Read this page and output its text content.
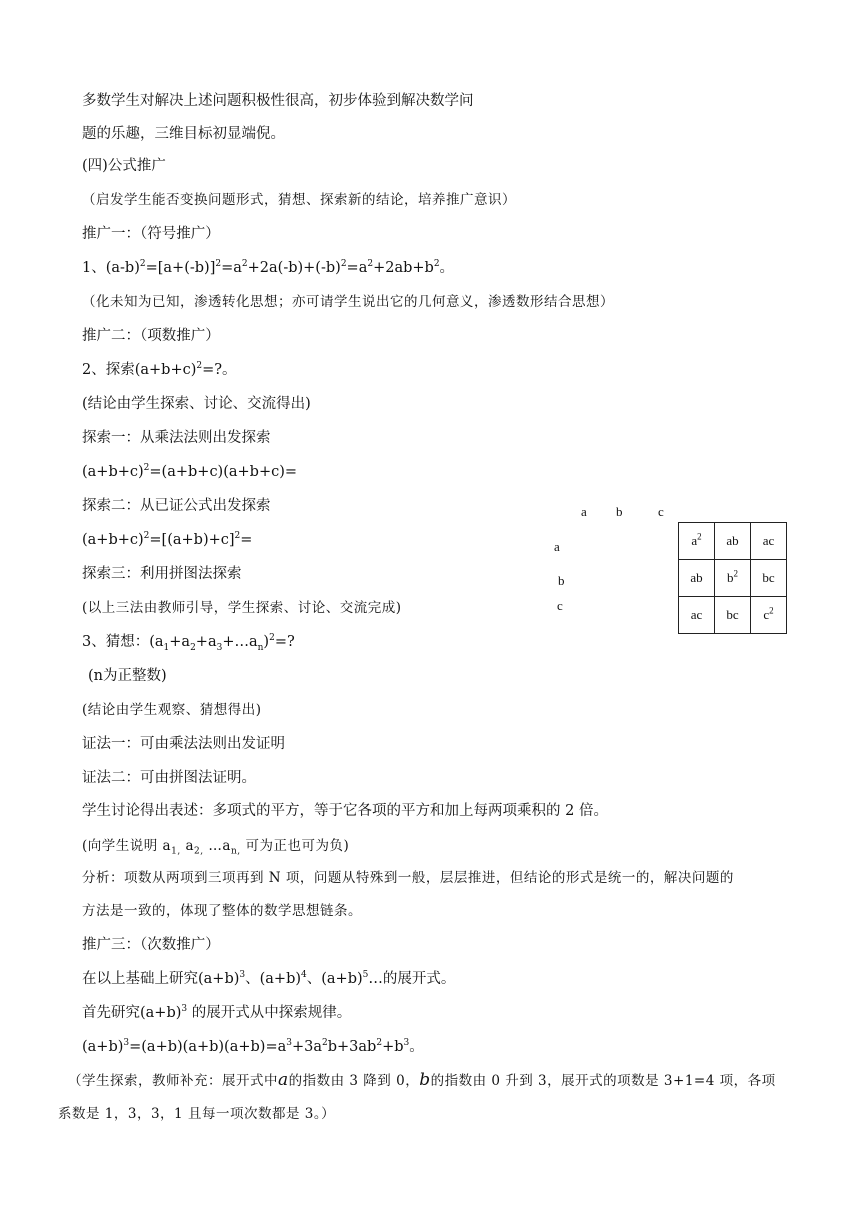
多数学生对解决上述问题积极性很高，初步体验到解决数学问
题的乐趣，三维目标初显端倪。
(四)公式推广
（启发学生能否变换问题形式，猜想、探索新的结论，培养推广意识）
推广一：（符号推广）
1、$(a-b)^2=[a+(-b)]^2=a^2+2a(-b)+(-b)^2=a^2+2ab+b^2$。
（化未知为已知，渗透转化思想；亦可请学生说出它的几何意义，渗透数形结合思想）
推广二：（项数推广）
2、探索$(a+b+c)^2=$?。
(结论由学生探索、讨论、交流得出)
探索一：从乘法法则出发探索
$(a+b+c)^2=(a+b+c)(a+b+c)=$
探索二：从已证公式出发探索
$(a+b+c)^2=[(a+b)+c]^2=$
探索三：利用拼图法探索
(以上三法由教师引导，学生探索、讨论、交流完成)
3、猜想：$(a_1+a_2+a_3+\dots a_n)^2=$?
(n为正整数)
(结论由学生观察、猜想得出)
证法一：可由乘法法则出发证明
证法二：可由拼图法证明。
学生讨论得出表述：多项式的平方，等于它各项的平方和加上每两项乘积的 2 倍。
(向学生说明 $a_{1,}$ $a_{2,}$ $\dots a_{n,}$ 可为正也可为负)
分析：项数从两项到三项再到 N 项，问题从特殊到一般，层层推进，但结论的形式是统一的，解决问题的
方法是一致的，体现了整体的数学思想链条。
推广三：（次数推广）
在以上基础上研究$(a+b)^3$、$(a+b)^4$、$(a+b)^5\dots$的展开式。
首先研究$(a+b)^3$ 的展开式从中探索规律。
$(a+b)^3=(a+b)(a+b)(a+b)=a^3+3a^2b+3ab^2+b^3$。
（学生探索，教师补充：展开式中a的指数由 3 降到 0，b的指数由 0 升到 3，展开式的项数是 3+1=4 项，各项
系数是 1，3，3，1 且每一项次数都是 3。）
a b	c
a
b
c
$a^2$	ab	ac
ab	$b^2$	bc
ac	bc	$c^2$
